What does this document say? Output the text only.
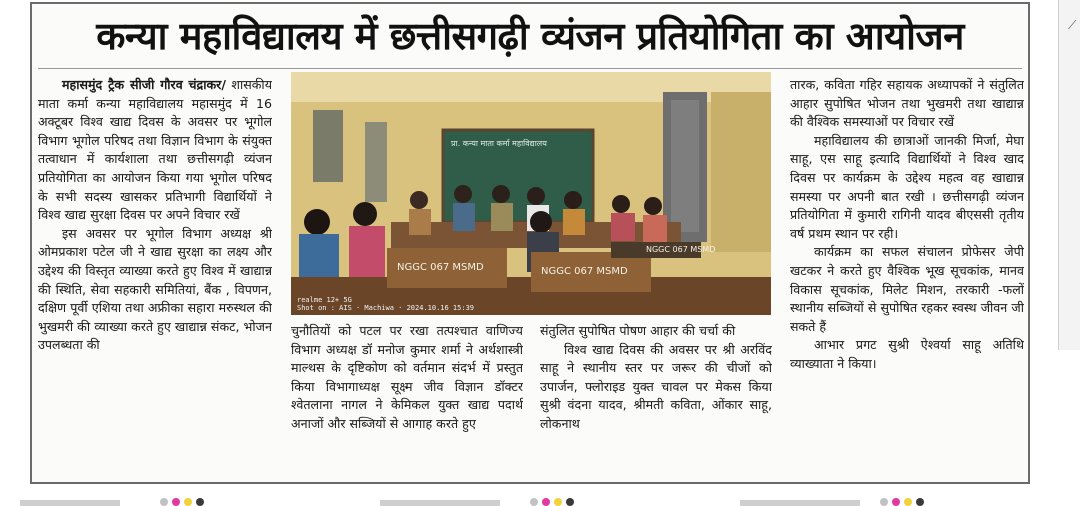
कन्या महाविद्यालय में छत्तीसगढ़ी व्यंजन प्रतियोगिता का आयोजन

महासमुंद ट्रैक सीजी गौरव चंद्राकर/ शासकीय माता कर्मा कन्या महाविद्यालय महासमुंद में 16 अक्टूबर विश्व खाद्य दिवस के अवसर पर भूगोल विभाग भूगोल परिषद तथा विज्ञान विभाग के संयुक्त तत्वाधान में कार्यशाला तथा छत्तीसगढ़ी व्यंजन प्रतियोगिता का आयोजन किया गया भूगोल परिषद के सभी सदस्य खासकर प्रतिभागी विद्यार्थियों ने विश्व खाद्य सुरक्षा दिवस पर अपने विचार रखें

इस अवसर पर भूगोल विभाग अध्यक्ष श्री ओमप्रकाश पटेल जी ने खाद्य सुरक्षा का लक्ष्य और उद्देश्य की विस्तृत व्याख्या करते हुए विश्व में खाद्यान्न की स्थिति, सेवा सहकारी समितियां, बैंक , विपणन, दक्षिण पूर्वी एशिया तथा अफ्रीका सहारा मरुस्थल की भुखमरी की व्याख्या करते हुए खाद्यान्न संकट, भोजन उपलब्धता की

प्रा. कन्या माता कर्मा महाविद्यालय
NGGC 067 MSMD	NGGC 067 MSMD
NGGC 067 MSMD
realme 12+ 5G
Shot on : AIS · Machiwa · 2024.10.16 15:39

चुनौतियों को पटल पर रखा तत्पश्चात वाणिज्य विभाग अध्यक्ष डॉ मनोज कुमार शर्मा ने अर्थशास्त्री माल्थस के दृष्टिकोण को वर्तमान संदर्भ में प्रस्तुत किया विभागाध्यक्ष सूक्ष्म जीव विज्ञान डॉक्टर श्वेतलाना नागल ने केमिकल युक्त खाद्य पदार्थ अनाजों और सब्जियों से आगाह करते हुए

संतुलित सुपोषित पोषण आहार की चर्चा की

विश्व खाद्य दिवस की अवसर पर श्री अरविंद साहू ने स्थानीय स्तर पर जरूर की चीजों को उपार्जन, फ्लोराइड युक्त चावल पर मेकस किया सुश्री वंदना यादव, श्रीमती कविता, ओंकार साहू, लोकनाथ

तारक, कविता गहिर सहायक अध्यापकों ने संतुलित आहार सुपोषित भोजन तथा भुखमरी तथा खाद्यान्न की वैश्विक समस्याओं पर विचार रखें

महाविद्यालय की छात्राओं जानकी मिर्जा, मेघा साहू, एस साहू इत्यादि विद्यार्थियों ने विश्व खाद दिवस पर कार्यक्रम के उद्देश्य महत्व वह खाद्यान्न समस्या पर अपनी बात रखी । छत्तीसगढ़ी व्यंजन प्रतियोगिता में कुमारी रागिनी यादव बीएससी तृतीय वर्ष प्रथम स्थान पर रही।

कार्यक्रम का सफल संचालन प्रोफेसर जेपी खटकर ने करते हुए वैश्विक भूख सूचकांक, मानव विकास सूचकांक, मिलेट मिशन, तरकारी -फलों स्थानीय सब्जियों से सुपोषित रहकर स्वस्थ जीवन जी सकते हैं

आभार प्रगट सुश्री ऐश्वर्या साहू अतिथि व्याख्याता ने किया।

⟋
